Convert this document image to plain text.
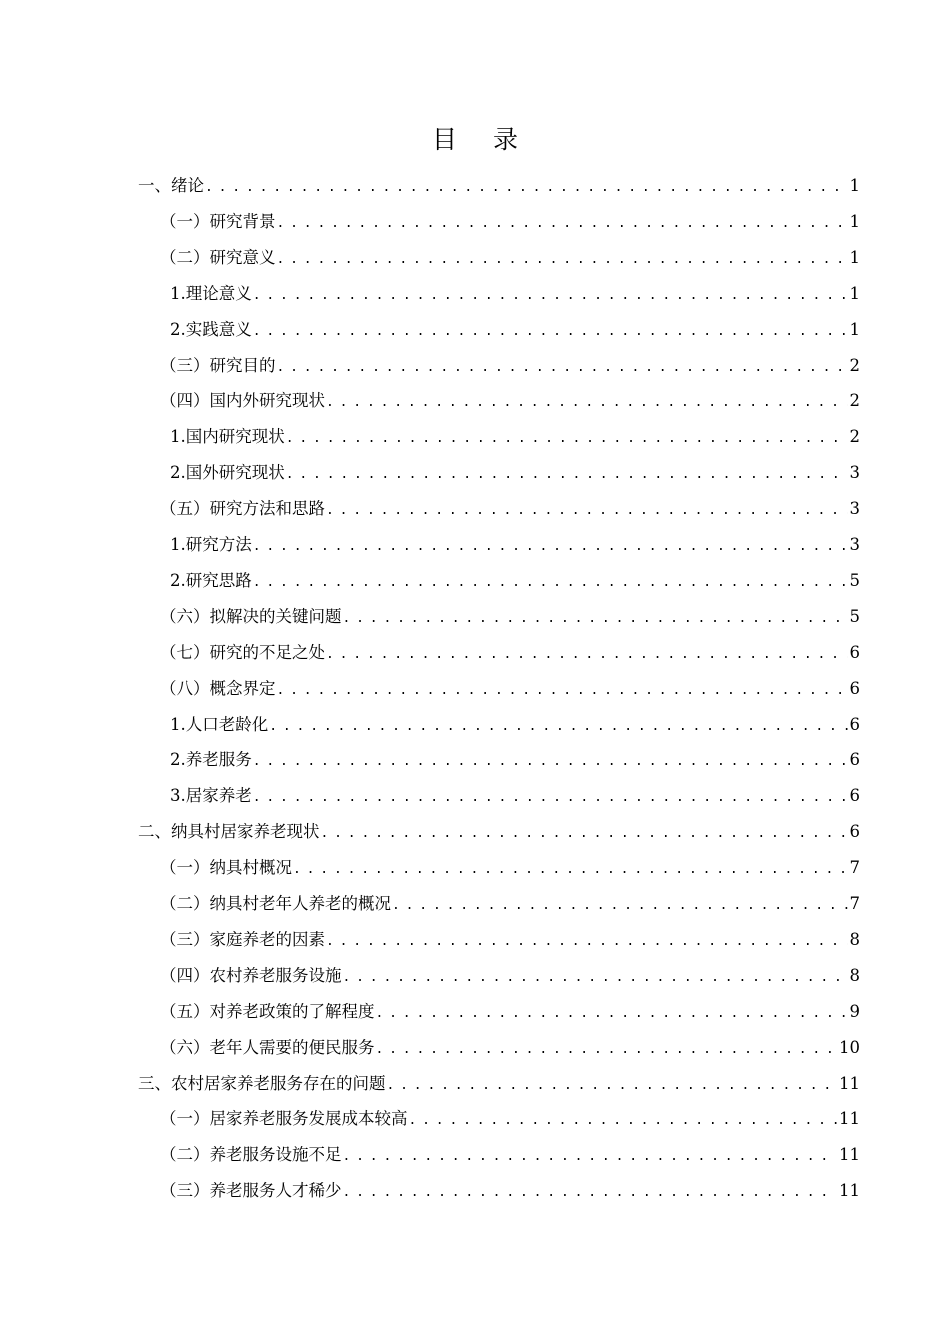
目 录
一、绪论 . . .	1
（一）研究背景 . . .	1
（二）研究意义 . . .	1
1.理论意义 . . .	1
2.实践意义 . . .	1
（三）研究目的 . . .	2
（四）国内外研究现状 . . .	2
1.国内研究现状 . . .	2
2.国外研究现状 . . .	3
（五）研究方法和思路 . . .	3
1.研究方法 . . .	3
2.研究思路 . . .	5
（六）拟解决的关键问题 . . .	5
（七）研究的不足之处 . . .	6
（八）概念界定 . . .	6
1.人口老龄化 . . .	6
2.养老服务 . . .	6
3.居家养老 . . .	6
二、纳具村居家养老现状 . . .	6
（一）纳具村概况 . . .	7
（二）纳具村老年人养老的概况 . . .	7
（三）家庭养老的因素 . . .	8
（四）农村养老服务设施 . . .	8
（五）对养老政策的了解程度 . . .	9
（六）老年人需要的便民服务 . . .	10
三、农村居家养老服务存在的问题 . . .	11
（一）居家养老服务发展成本较高 . . .	11
（二）养老服务设施不足 . . .	11
（三）养老服务人才稀少 . . .	11
